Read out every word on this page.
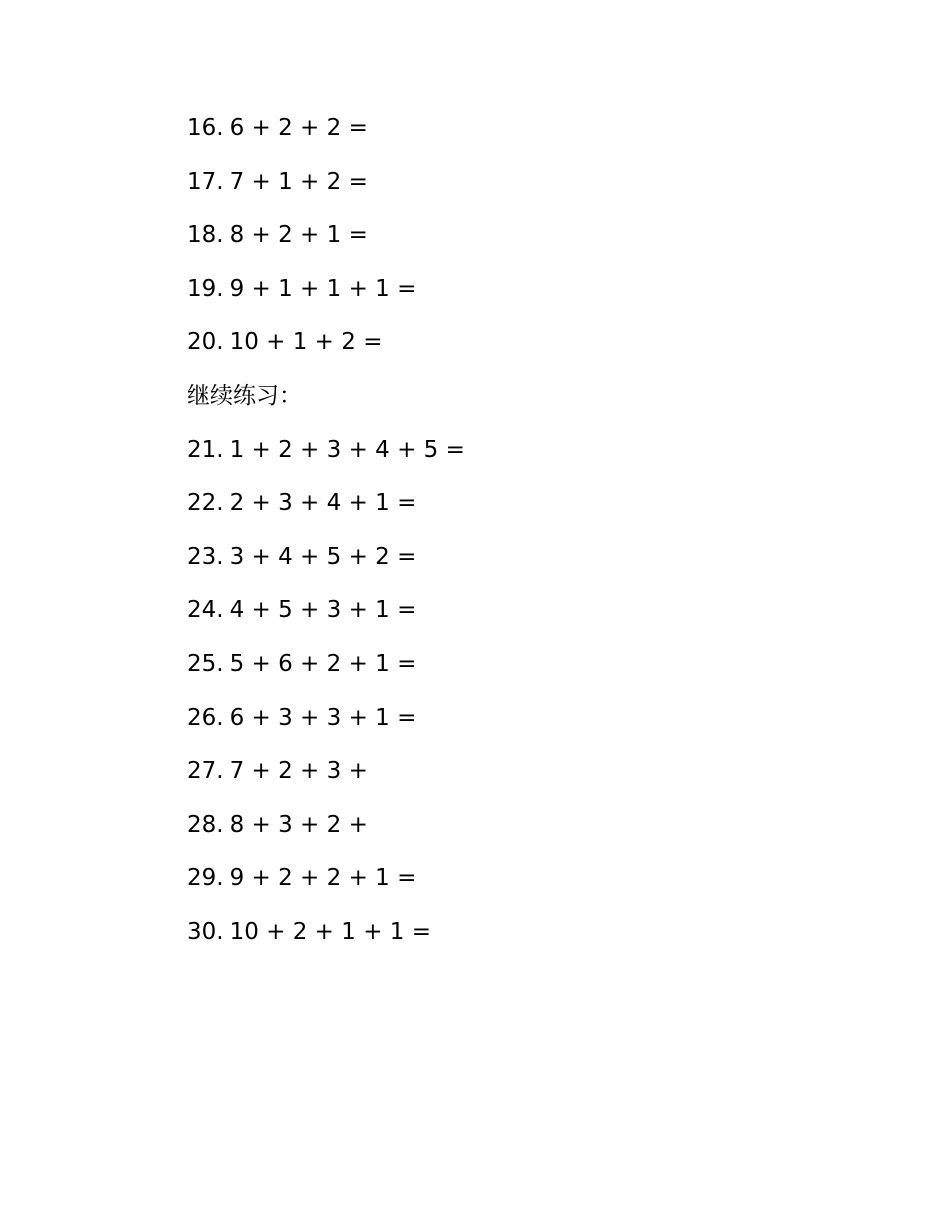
16. 6 + 2 + 2 =
17. 7 + 1 + 2 =
18. 8 + 2 + 1 =
19. 9 + 1 + 1 + 1 =
20. 10 + 1 + 2 =
继续练习：
21. 1 + 2 + 3 + 4 + 5 =
22. 2 + 3 + 4 + 1 =
23. 3 + 4 + 5 + 2 =
24. 4 + 5 + 3 + 1 =
25. 5 + 6 + 2 + 1 =
26. 6 + 3 + 3 + 1 =
27. 7 + 2 + 3 +
28. 8 + 3 + 2 +
29. 9 + 2 + 2 + 1 =
30. 10 + 2 + 1 + 1 =
